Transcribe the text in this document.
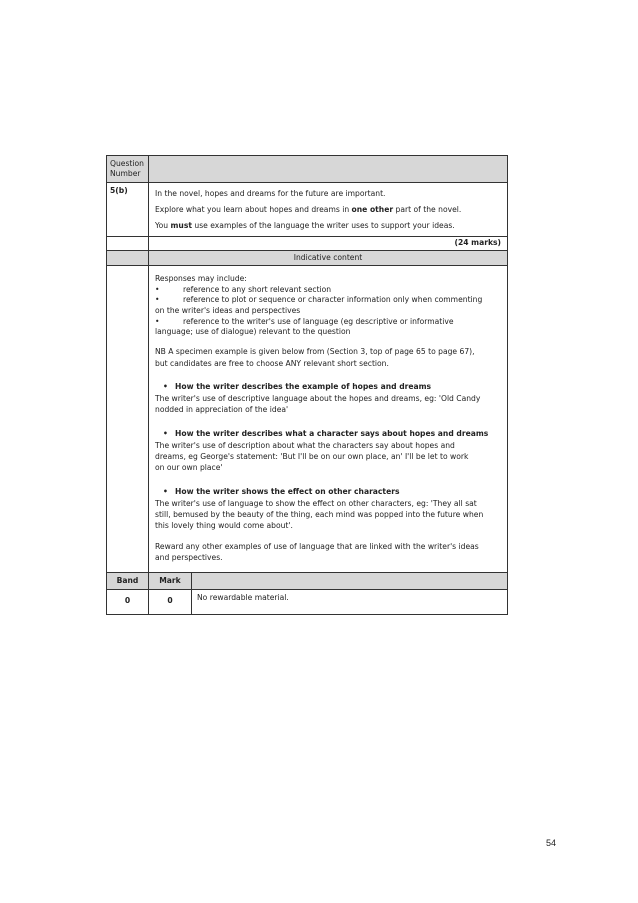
Question Number
5(b)	In the novel, hopes and dreams for the future are important.

Explore what you learn about hopes and dreams in one other part of the novel.

You must use examples of the language the writer uses to support your ideas.

(24 marks)
Indicative content

Responses may include:

•	reference to any short relevant section
•	reference to plot or sequence or character information only when commenting

on the writer's ideas and perspectives

•	reference to the writer's use of language (eg descriptive or informative

language; use of dialogue) relevant to the question

NB A specimen example is given below from (Section 3, top of page 65 to page 67),

but candidates are free to choose ANY relevant short section.

• How the writer describes the example of hopes and dreams

The writer's use of descriptive language about the hopes and dreams, eg: 'Old Candy

nodded in appreciation of the idea'

• How the writer describes what a character says about hopes and dreams

The writer's use of description about what the characters say about hopes and

dreams, eg George's statement: 'But I'll be on our own place, an' I'll be let to work

on our own place'

• How the writer shows the effect on other characters

The writer's use of language to show the effect on other characters, eg: 'They all sat

still, bemused by the beauty of the thing, each mind was popped into the future when

this lovely thing would come about'.

Reward any other examples of use of language that are linked with the writer's ideas

and perspectives.

Band	Mark
0	0	No rewardable material.
54
